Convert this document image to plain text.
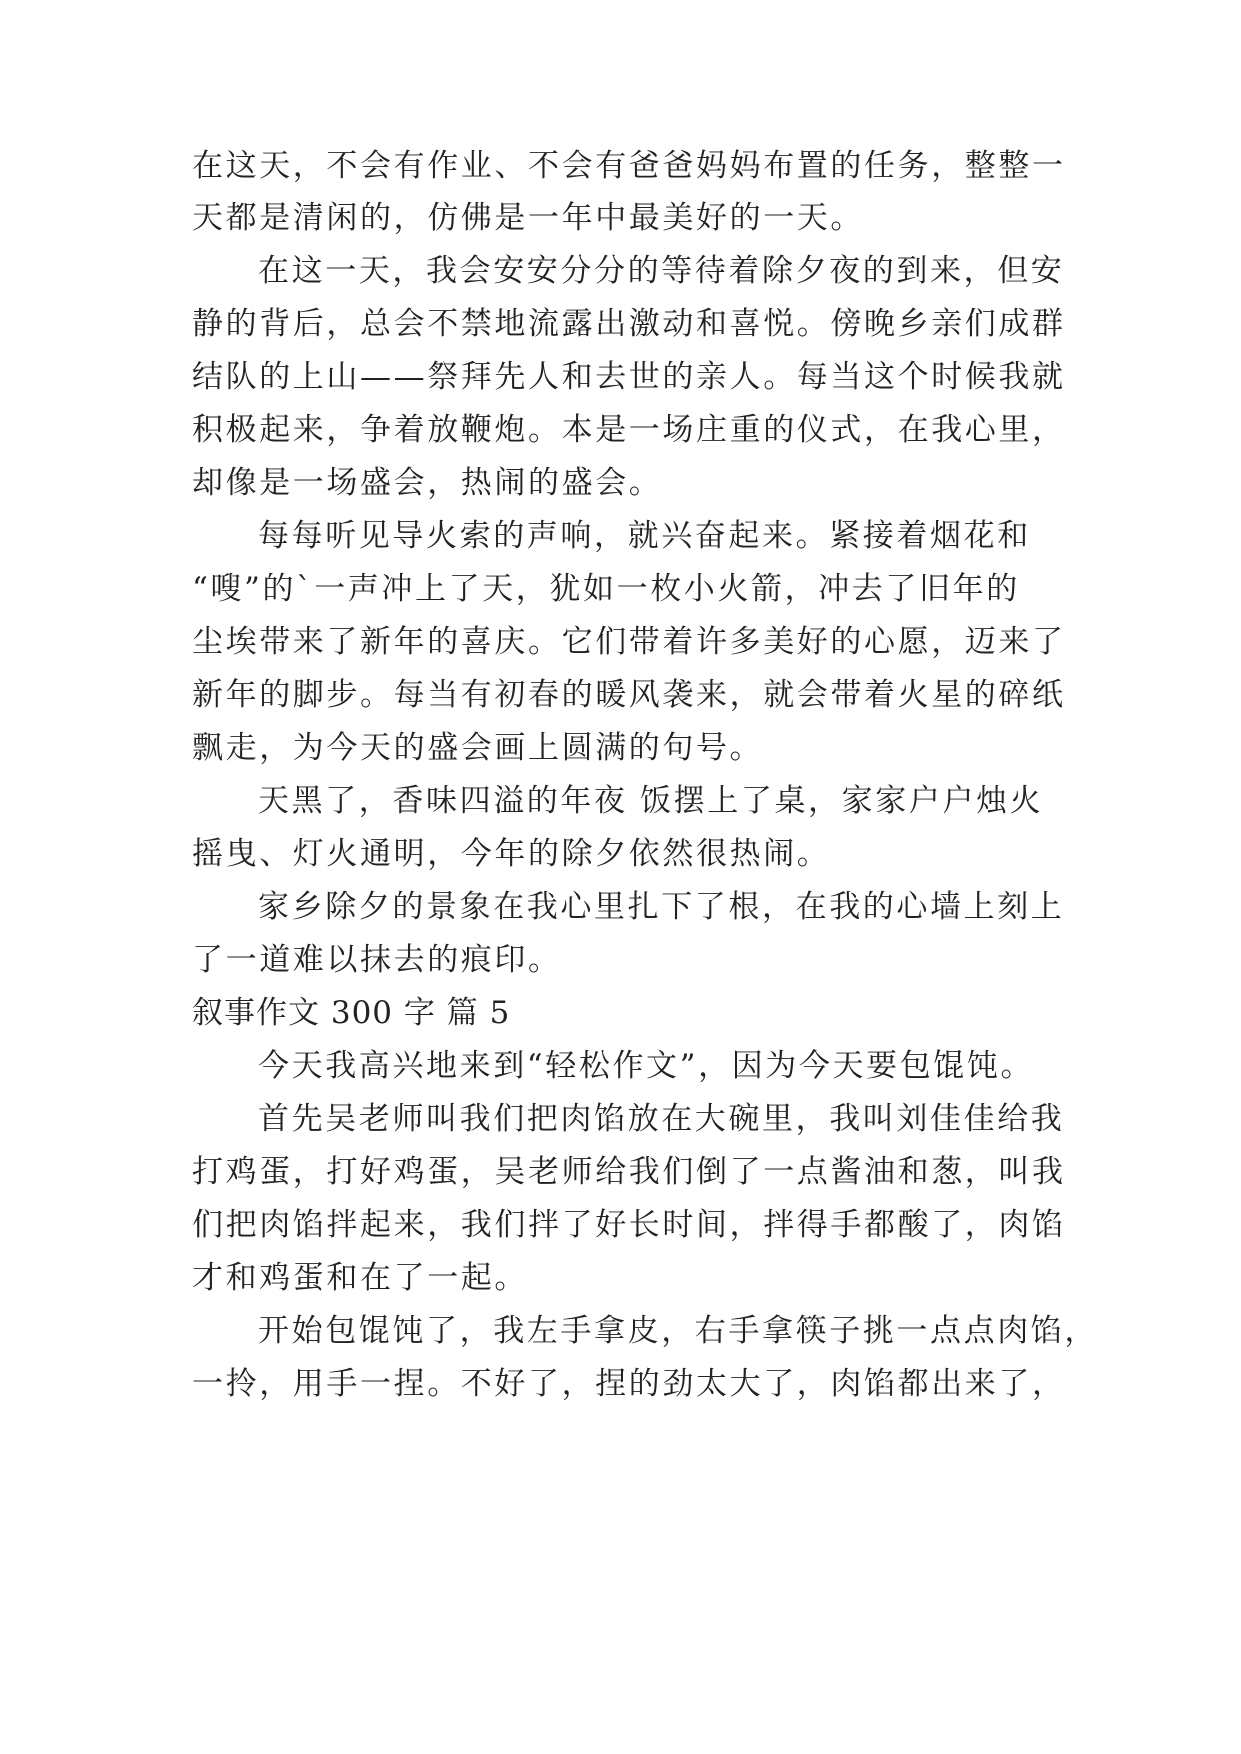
在这天，不会有作业、不会有爸爸妈妈布置的任务，整整一
天都是清闲的，仿佛是一年中最美好的一天。
在这一天，我会安安分分的等待着除夕夜的到来，但安
静的背后，总会不禁地流露出激动和喜悦。傍晚乡亲们成群
结队的上山——祭拜先人和去世的亲人。每当这个时候我就
积极起来，争着放鞭炮。本是一场庄重的仪式，在我心里，
却像是一场盛会，热闹的盛会。
每每听见导火索的声响，就兴奋起来。紧接着烟花和
“嗖”的`一声冲上了天，犹如一枚小火箭，冲去了旧年的
尘埃带来了新年的喜庆。它们带着许多美好的心愿，迈来了
新年的脚步。每当有初春的暖风袭来，就会带着火星的碎纸
飘走，为今天的盛会画上圆满的句号。
天黑了，香味四溢的年夜 饭摆上了桌，家家户户烛火
摇曳、灯火通明，今年的除夕依然很热闹。
家乡除夕的景象在我心里扎下了根，在我的心墙上刻上
了一道难以抹去的痕印。
叙事作文 300 字 篇 5
今天我高兴地来到“轻松作文”，因为今天要包馄饨。
首先吴老师叫我们把肉馅放在大碗里，我叫刘佳佳给我
打鸡蛋，打好鸡蛋，吴老师给我们倒了一点酱油和葱，叫我
们把肉馅拌起来，我们拌了好长时间，拌得手都酸了，肉馅
才和鸡蛋和在了一起。
开始包馄饨了，我左手拿皮，右手拿筷子挑一点点肉馅，
一拎，用手一捏。不好了，捏的劲太大了，肉馅都出来了，
